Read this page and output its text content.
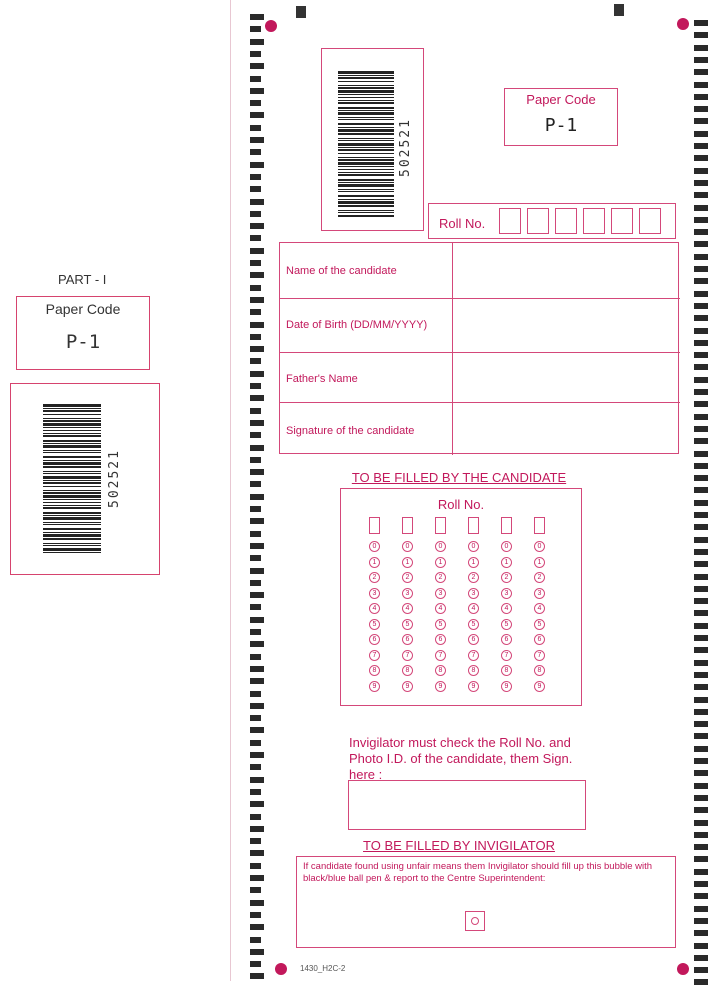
PART - I
Paper Code
P-1
502521
502521
Paper Code
P-1
Roll No.
Name of the candidate
Date of Birth (DD/MM/YYYY)
Father's Name
Signature of the candidate
TO BE FILLED BY THE CANDIDATE
Roll No.
0
1
2
3
4
5
6
7
8
9
0
1
2
3
4
5
6
7
8
9
0
1
2
3
4
5
6
7
8
9
0
1
2
3
4
5
6
7
8
9
0
1
2
3
4
5
6
7
8
9
0
1
2
3
4
5
6
7
8
9
Invigilator must check the Roll No. and Photo I.D. of the candidate, them Sign. here :
TO BE FILLED BY INVIGILATOR
If candidate found using unfair means them Invigilator should fill up this bubble with black/blue ball pen & report to the Centre Superintendent:
1430_H2C-2
